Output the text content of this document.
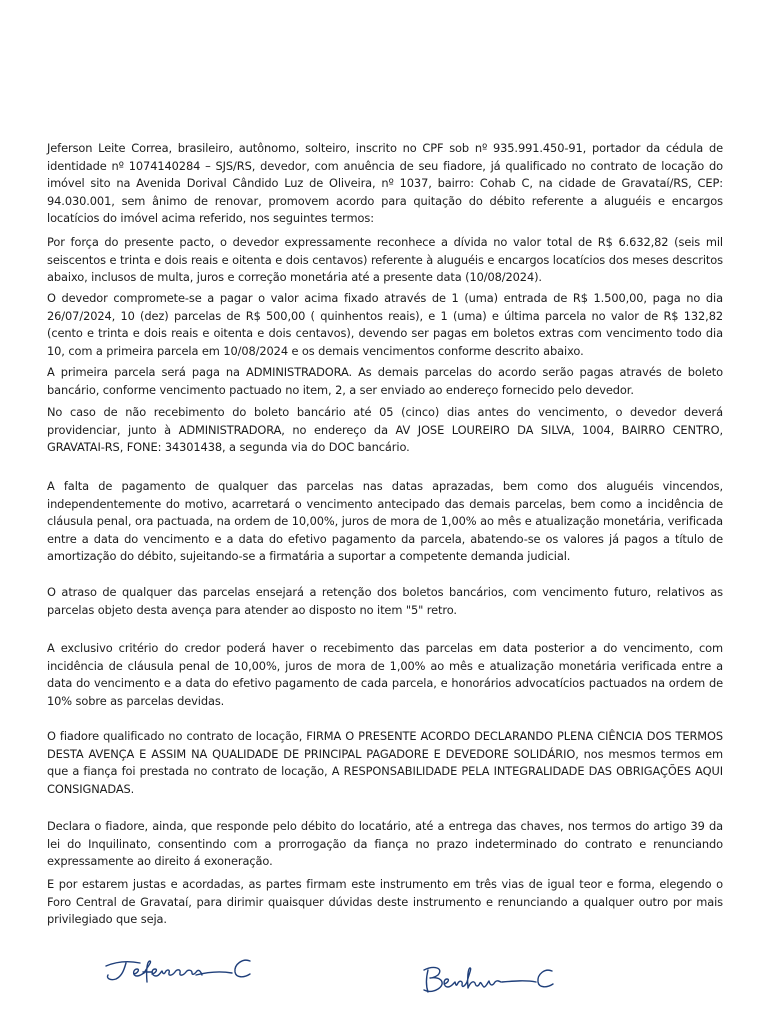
Jeferson Leite Correa, brasileiro, autônomo, solteiro, inscrito no CPF sob nº 935.991.450-91, portador da cédula de identidade nº 1074140284 – SJS/RS, devedor, com anuência de seu fiadore, já qualificado no contrato de locação do imóvel sito na Avenida Dorival Cândido Luz de Oliveira, nº 1037, bairro: Cohab C, na cidade de Gravataí/RS, CEP: 94.030.001, sem ânimo de renovar, promovem acordo para quitação do débito referente a aluguéis e encargos locatícios do imóvel acima referido, nos seguintes termos:

Por força do presente pacto, o devedor expressamente reconhece a dívida no valor total de R$ 6.632,82 (seis mil seiscentos e trinta e dois reais e oitenta e dois centavos) referente à aluguéis e encargos locatícios dos meses descritos abaixo, inclusos de multa, juros e correção monetária até a presente data (10/08/2024).

O devedor compromete-se a pagar o valor acima fixado através de 1 (uma) entrada de R$ 1.500,00, paga no dia 26/07/2024, 10 (dez) parcelas de R$ 500,00 ( quinhentos reais), e 1 (uma) e última parcela no valor de R$ 132,82 (cento e trinta e dois reais e oitenta e dois centavos), devendo ser pagas em boletos extras com vencimento todo dia 10, com a primeira parcela em 10/08/2024 e os demais vencimentos conforme descrito abaixo.

A primeira parcela será paga na ADMINISTRADORA. As demais parcelas do acordo serão pagas através de boleto bancário, conforme vencimento pactuado no item, 2, a ser enviado ao endereço fornecido pelo devedor.

No caso de não recebimento do boleto bancário até 05 (cinco) dias antes do vencimento, o devedor deverá providenciar, junto à ADMINISTRADORA, no endereço da AV JOSE LOUREIRO DA SILVA, 1004, BAIRRO CENTRO, GRAVATAI-RS, FONE: 34301438, a segunda via do DOC bancário.

A falta de pagamento de qualquer das parcelas nas datas aprazadas, bem como dos aluguéis vincendos, independentemente do motivo, acarretará o vencimento antecipado das demais parcelas, bem como a incidência de cláusula penal, ora pactuada, na ordem de 10,00%, juros de mora de 1,00% ao mês e atualização monetária, verificada entre a data do vencimento e a data do efetivo pagamento da parcela, abatendo-se os valores já pagos a título de amortização do débito, sujeitando-se a firmatária a suportar a competente demanda judicial.

O atraso de qualquer das parcelas ensejará a retenção dos boletos bancários, com vencimento futuro, relativos as parcelas objeto desta avença para atender ao disposto no item "5" retro.

A exclusivo critério do credor poderá haver o recebimento das parcelas em data posterior a do vencimento, com incidência de cláusula penal de 10,00%, juros de mora de 1,00% ao mês e atualização monetária verificada entre a data do vencimento e a data do efetivo pagamento de cada parcela, e honorários advocatícios pactuados na ordem de 10% sobre as parcelas devidas.

O fiadore qualificado no contrato de locação, FIRMA O PRESENTE ACORDO DECLARANDO PLENA CIÊNCIA DOS TERMOS DESTA AVENÇA E ASSIM NA QUALIDADE DE PRINCIPAL PAGADORE E DEVEDORE SOLIDÁRIO, nos mesmos termos em que a fiança foi prestada no contrato de locação, A RESPONSABILIDADE PELA INTEGRALIDADE DAS OBRIGAÇÕES AQUI CONSIGNADAS.

Declara o fiadore, ainda, que responde pelo débito do locatário, até a entrega das chaves, nos termos do artigo 39 da lei do Inquilinato, consentindo com a prorrogação da fiança no prazo indeterminado do contrato e renunciando expressamente ao direito á exoneração.

E por estarem justas e acordadas, as partes firmam este instrumento em três vias de igual teor e forma, elegendo o Foro Central de Gravataí, para dirimir quaisquer dúvidas deste instrumento e renunciando a qualquer outro por mais privilegiado que seja.
